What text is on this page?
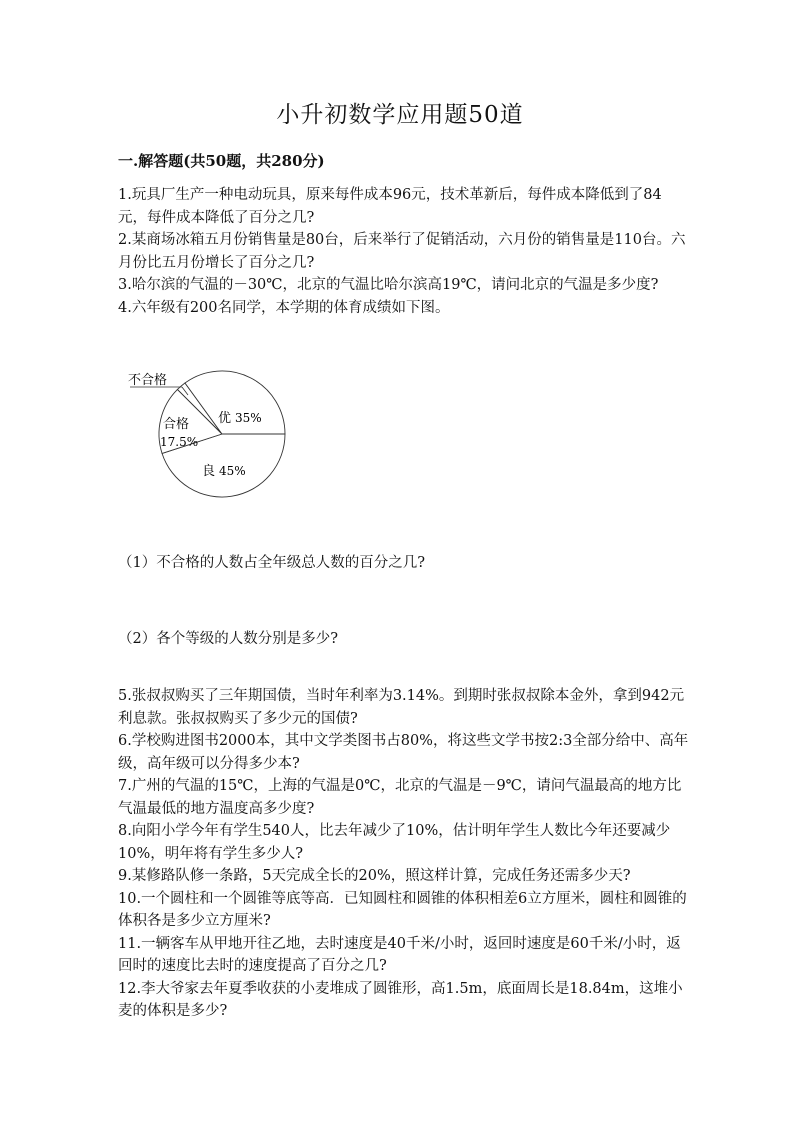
小升初数学应用题50道
一.解答题(共50题，共280分)

1.玩具厂生产一种电动玩具，原来每件成本96元，技术革新后，每件成本降低到了84元，每件成本降低了百分之几?

2.某商场冰箱五月份销售量是80台，后来举行了促销活动，六月份的销售量是110台。六月份比五月份增长了百分之几?

3.哈尔滨的气温的－30℃，北京的气温比哈尔滨高19℃，请问北京的气温是多少度?

4.六年级有200名同学，本学期的体育成绩如下图。

不合格
优 35%
良 45%
合格
17.5%
（1）不合格的人数占全年级总人数的百分之几?
（2）各个等级的人数分别是多少?

5.张叔叔购买了三年期国债，当时年利率为3.14%。到期时张叔叔除本金外，拿到942元利息款。张叔叔购买了多少元的国债?

6.学校购进图书2000本，其中文学类图书占80%，将这些文学书按2:3全部分给中、高年级，高年级可以分得多少本?

7.广州的气温的15℃，上海的气温是0℃，北京的气温是－9℃，请问气温最高的地方比气温最低的地方温度高多少度?

8.向阳小学今年有学生540人，比去年减少了10%，估计明年学生人数比今年还要减少10%，明年将有学生多少人?

9.某修路队修一条路，5天完成全长的20%，照这样计算，完成任务还需多少天?

10.一个圆柱和一个圆锥等底等高．已知圆柱和圆锥的体积相差6立方厘米，圆柱和圆锥的体积各是多少立方厘米?

11.一辆客车从甲地开往乙地，去时速度是40千米/小时，返回时速度是60千米/小时，返回时的速度比去时的速度提高了百分之几?

12.李大爷家去年夏季收获的小麦堆成了圆锥形，高1.5m，底面周长是18.84m，这堆小麦的体积是多少?
